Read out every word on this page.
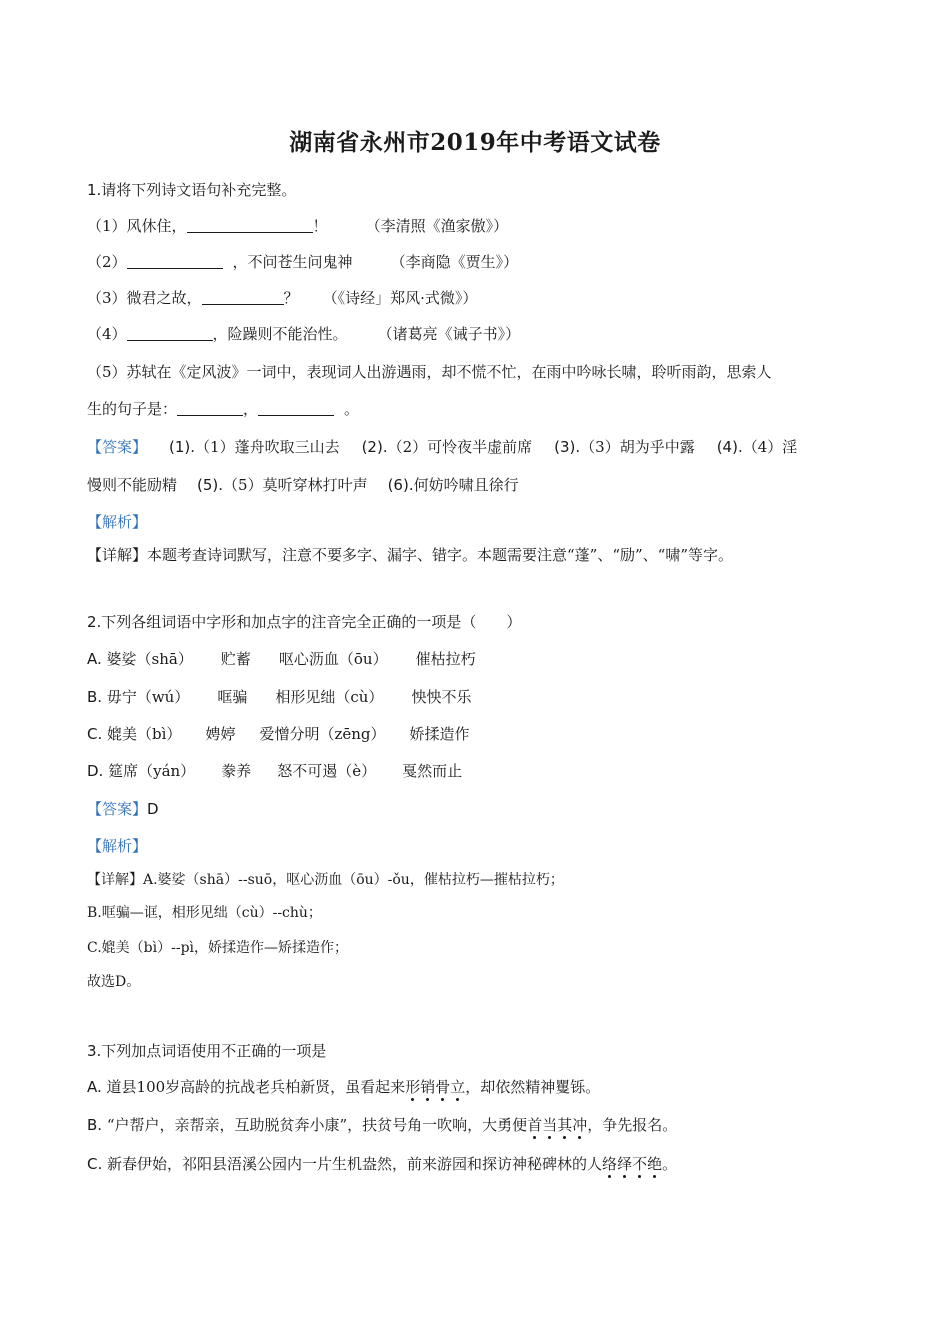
湖南省永州市2019年中考语文试卷
1.请将下列诗文语句补充完整。
（1）风休住，	！	（李清照《渔家傲》）
（2）	，不问苍生问鬼神	（李商隐《贾生》）
（3）微君之故，	？ （《诗经」郑风·式微》）
（4）	，险躁则不能治性。 （诸葛亮《诫子书》）
（5）苏轼在《定风波》一词中，表现词人出游遇雨，却不慌不忙，在雨中吟咏长啸，聆听雨韵，思索人
生的句子是：	，	。
【答案】 (1).（1）蓬舟吹取三山去 (2).（2）可怜夜半虚前席 (3).（3）胡为乎中露 (4).（4）淫
慢则不能励精 (5).（5）莫听穿林打叶声 (6).何妨吟啸且徐行
【解析】
【详解】本题考查诗词默写，注意不要多字、漏字、错字。本题需要注意“蓬”、“励”、“啸”等字。
2.下列各组词语中字形和加点字的注音完全正确的一项是（　　）
A. 婆娑（shā） 贮蓄 呕心沥血（ōu） 催枯拉朽
B. 毋宁（wú） 哐骗 相形见绌（cù） 怏怏不乐
C. 媲美（bì） 娉婷 爱憎分明（zēng） 娇揉造作
D. 筵席（yán） 豢养 怒不可遏（è） 戛然而止
【答案】D
【解析】
【详解】A.婆娑（shā）--suō，呕心沥血（ōu）-ǒu，催枯拉朽—摧枯拉朽；
B.哐骗—诓，相形见绌（cù）--chù；
C.媲美（bì）--pì，娇揉造作—矫揉造作；
故选D。
3.下列加点词语使用不正确的一项是
A. 道县100岁高龄的抗战老兵柏新贤，虽看起来形销骨立，却依然精神矍铄。
B. “户帮户，亲帮亲，互助脱贫奔小康”，扶贫号角一吹响，大勇便首当其冲，争先报名。
C. 新春伊始，祁阳县浯溪公园内一片生机盎然，前来游园和探访神秘碑林的人络绎不绝。
